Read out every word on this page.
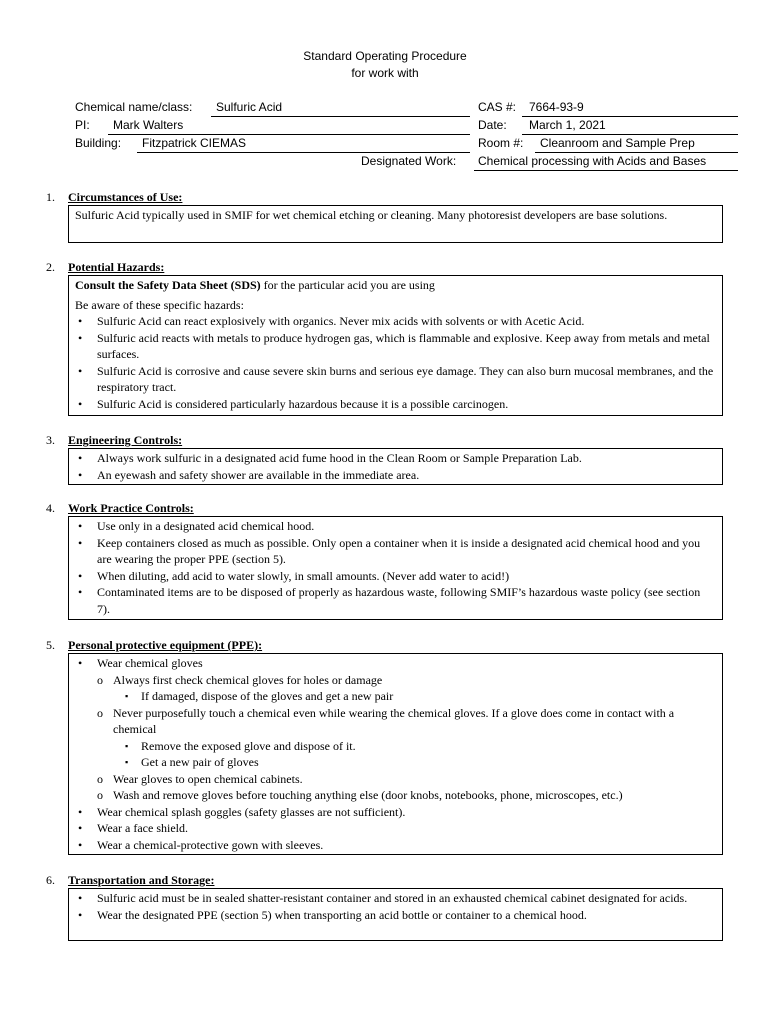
Standard Operating Procedure
for work with
Chemical name/class: Sulfuric Acid
PI: Mark Walters
Building: Fitzpatrick CIEMAS
CAS #: 7664-93-9
Date: March 1, 2021
Room #: Cleanroom and Sample Prep
Designated Work: Chemical processing with Acids and Bases
1. Circumstances of Use:

Sulfuric Acid typically used in SMIF for wet chemical etching or cleaning. Many photoresist developers are base solutions.

2. Potential Hazards:

Consult the Safety Data Sheet (SDS) for the particular acid you are using

Be aware of these specific hazards:

• Sulfuric Acid can react explosively with organics. Never mix acids with solvents or with Acetic Acid.

• Sulfuric acid reacts with metals to produce hydrogen gas, which is flammable and explosive. Keep away from metals and metal surfaces.

• Sulfuric Acid is corrosive and cause severe skin burns and serious eye damage. They can also burn mucosal membranes, and the respiratory tract.

• Sulfuric Acid is considered particularly hazardous because it is a possible carcinogen.

3. Engineering Controls:

• Always work sulfuric in a designated acid fume hood in the Clean Room or Sample Preparation Lab.

• An eyewash and safety shower are available in the immediate area.

4. Work Practice Controls:

• Use only in a designated acid chemical hood.

• Keep containers closed as much as possible. Only open a container when it is inside a designated acid chemical hood and you are wearing the proper PPE (section 5).

• When diluting, add acid to water slowly, in small amounts. (Never add water to acid!)

• Contaminated items are to be disposed of properly as hazardous waste, following SMIF’s hazardous waste policy (see section 7).

5. Personal protective equipment (PPE):

• Wear chemical gloves

o Always first check chemical gloves for holes or damage

▪ If damaged, dispose of the gloves and get a new pair

o Never purposefully touch a chemical even while wearing the chemical gloves. If a glove does come in contact with a chemical

▪ Remove the exposed glove and dispose of it.

▪ Get a new pair of gloves

o Wear gloves to open chemical cabinets.

o Wash and remove gloves before touching anything else (door knobs, notebooks, phone, microscopes, etc.)

• Wear chemical splash goggles (safety glasses are not sufficient).

• Wear a face shield.

• Wear a chemical-protective gown with sleeves.

6. Transportation and Storage:

• Sulfuric acid must be in sealed shatter-resistant container and stored in an exhausted chemical cabinet designated for acids.

• Wear the designated PPE (section 5) when transporting an acid bottle or container to a chemical hood.
